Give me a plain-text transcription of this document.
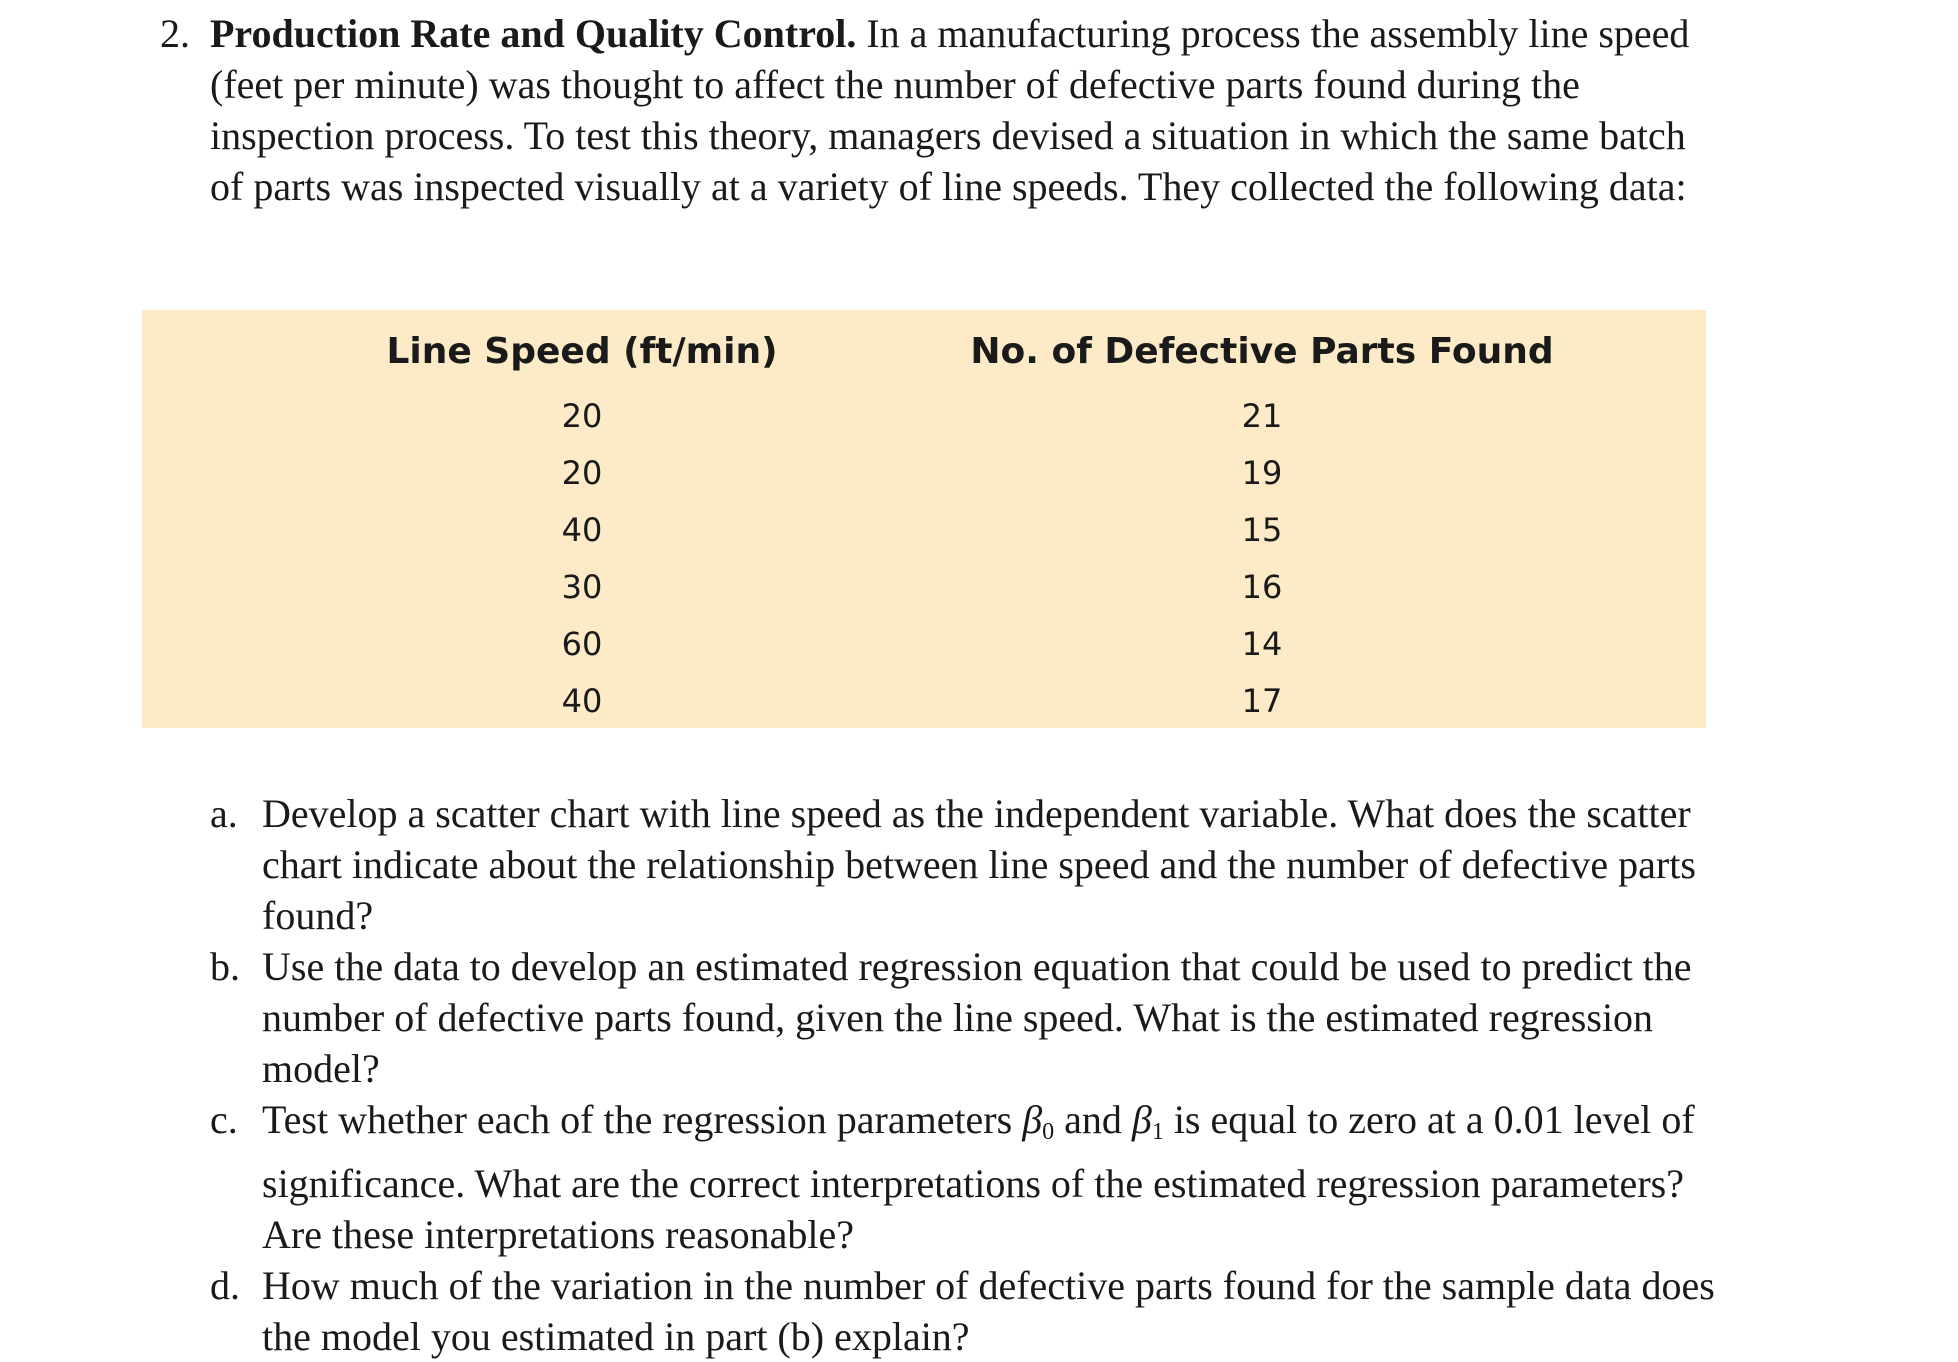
2. Production Rate and Quality Control. In a manufacturing process the assembly line speed (feet per minute) was thought to affect the number of defective parts found during the inspection process. To test this theory, managers devised a situation in which the same batch of parts was inspected visually at a variety of line speeds. They collected the following data:
Line Speed (ft/min)
20
20
40
30
60
40
No. of Defective Parts Found
21
19
15
16
14
17
a. Develop a scatter chart with line speed as the independent variable. What does the scatter chart indicate about the relationship between line speed and the number of defective parts found?
b. Use the data to develop an estimated regression equation that could be used to predict the number of defective parts found, given the line speed. What is the estimated regression model?
c. Test whether each of the regression parameters $\beta_0$ and $\beta_1$ is equal to zero at a 0.01 level of significance. What are the correct interpretations of the estimated regression parameters? Are these interpretations reasonable?
d. How much of the variation in the number of defective parts found for the sample data does the model you estimated in part (b) explain?
